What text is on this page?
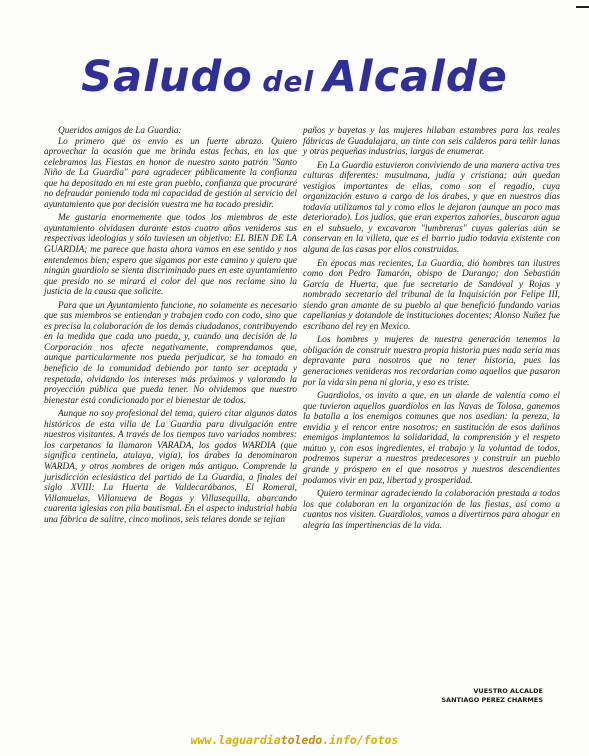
Saludo del Alcalde

Queridos amigos de La Guardia:

Lo primero que os envío es un fuerte abrazo. Quiero aprovechar la ocasión que me brinda estas fechas, en las que celebramos las Fiestas en honor de nuestro santo patrón "Santo Niño de La Guardia" para agradecer públicamente la confianza que ha depositado en mí este gran pueblo, confianza que procuraré no defraudar poniendo toda mi capacidad de gestión al servicio del ayuntamiento que por decisión vuestra me ha tocado presidir.

Me gustaría enormemente que todos los miembros de este ayuntamiento olvidasen durante estos cuatro años venideros sus respectivas ideologías y sólo tuviesen un objetivo: EL BIEN DE LA GUARDIA; me parece que hasta ahora vamos en ese sentido y nos entendemos bien; espero que sigamos por este camino y quiero que ningún guardiolo se sienta discriminado pues en este ayuntamiento que presido no se mirará el color del que nos reclame sino la justicia de la causa que solicite.

Para que un Ayuntamiento funcione, no solamente es necesario que sus miembros se entiendan y trabajen codo con codo, sino que es precisa la colaboración de los demás ciudadanos, contribuyendo en la medida que cada uno pueda, y, cuando una decisión de la Corporación nos afecte negativamente, comprendamos que, aunque particularmente nos pueda perjudicar, se ha tomado en beneficio de la comunidad debiendo por tanto ser aceptada y respetada, olvidando los intereses más próximos y valorando la proyección pública que pueda tener. No olvidemos que nuestro bienestar está condicionado por el bienestar de todos.

Aunque no soy profesional del tema, quiero citar algunos datos históricos de esta villa de La Guardia para divulgación entre nuestros visitantes. A través de los tiempos tuvo variados nombres: los carpetanos la llamaron VARADA, los godos WARDIA (que significa centinela, atalaya, vigía), los árabes la denominaron WARDA, y otros nombres de origen más antiguo. Comprende la jurisdicción eclesiástica del partido de La Guardia, a finales del siglo XVIII: La Huerta de Valdecarábanos, El Romeral, Villamuelas, Villanueva de Bogas y Villasequilla, abarcando cuarenta iglesias con pila bautismal. En el aspecto industrial había una fábrica de salitre, cinco molinos, seis telares donde se tejían

paños y bayetas y las mujeres hilaban estambres para las reales fábricas de Guadalajara, un tinte con seis calderos para teñir lanas y otras pequeñas industrias, largas de enumerar.

En La Guardia estuvieron conviviendo de una manera activa tres culturas diferentes: musulmana, judía y cristiana; aún quedan vestigios importantes de ellas, como son el regadío, cuya organización estuvo a cargo de los árabes, y que en nuestros días todavía utilizamos tal y como ellos le dejaron (aunque un poco mas deteriorado). Los judíos, que eran expertos zahoríes, buscaron agua en el subsuelo, y excavaron "lumbreras" cuyas galerías aún se conservan en la villeta, que es el barrio judío todavía existente con alguna de las casas por ellos construidas.

En épocas mas recientes, La Guardia, dió hombres tan ilustres como don Pedro Tamarón, obispo de Durango; don Sebastián García de Huerta, que fue secretario de Sandóval y Rojas y nombrado secretario del tribunal de la Inquisición por Felipe III, siendo gran amante de su pueblo al que benefició fundando varias capellanías y dotandole de instituciones docentes; Alonso Nuñez fue escribano del rey en Mexico.

Los hombres y mujeres de nuestra generación tenemos la obligación de construir nuestra propia historia pues nada sería mas depravante para nosotros que no tener historia, pues las generaciones venideras nos recordarían como aquellos que pasaron por la vida sin pena ni gloria, y eso es triste.

Guardiolos, os invito a que, en un alarde de valentía como el que tuvieron aquellos guardiolos en las Navas de Tolosa, ganemos la batalla a los enemigos comunes que nos asedian: la pereza, la envidia y el rencor entre nosotros; en sustitución de esos dañinos enemigos implantemos la solidaridad, la comprensión y el respeto mútuo y, con esos ingredientes, el trabajo y la voluntad de todos, podremos superar a nuestros predecesores y construir un pueblo grande y próspero en el que nosotros y nuestros descendientes podamos vivir en paz, libertad y prosperidad.

Quiero terminar agradeciendo la colaboración prestada a todos los que colaboran en la organización de las fiestas, así como a cuantos nos visiten. Guardiolos, vamos a divertirnos para ahogar en alegría las impertinencias de la vida.

VUESTRO ALCALDE
SANTIAGO PEREZ CHARMES
www.laguardiatoledo.info/fotos
